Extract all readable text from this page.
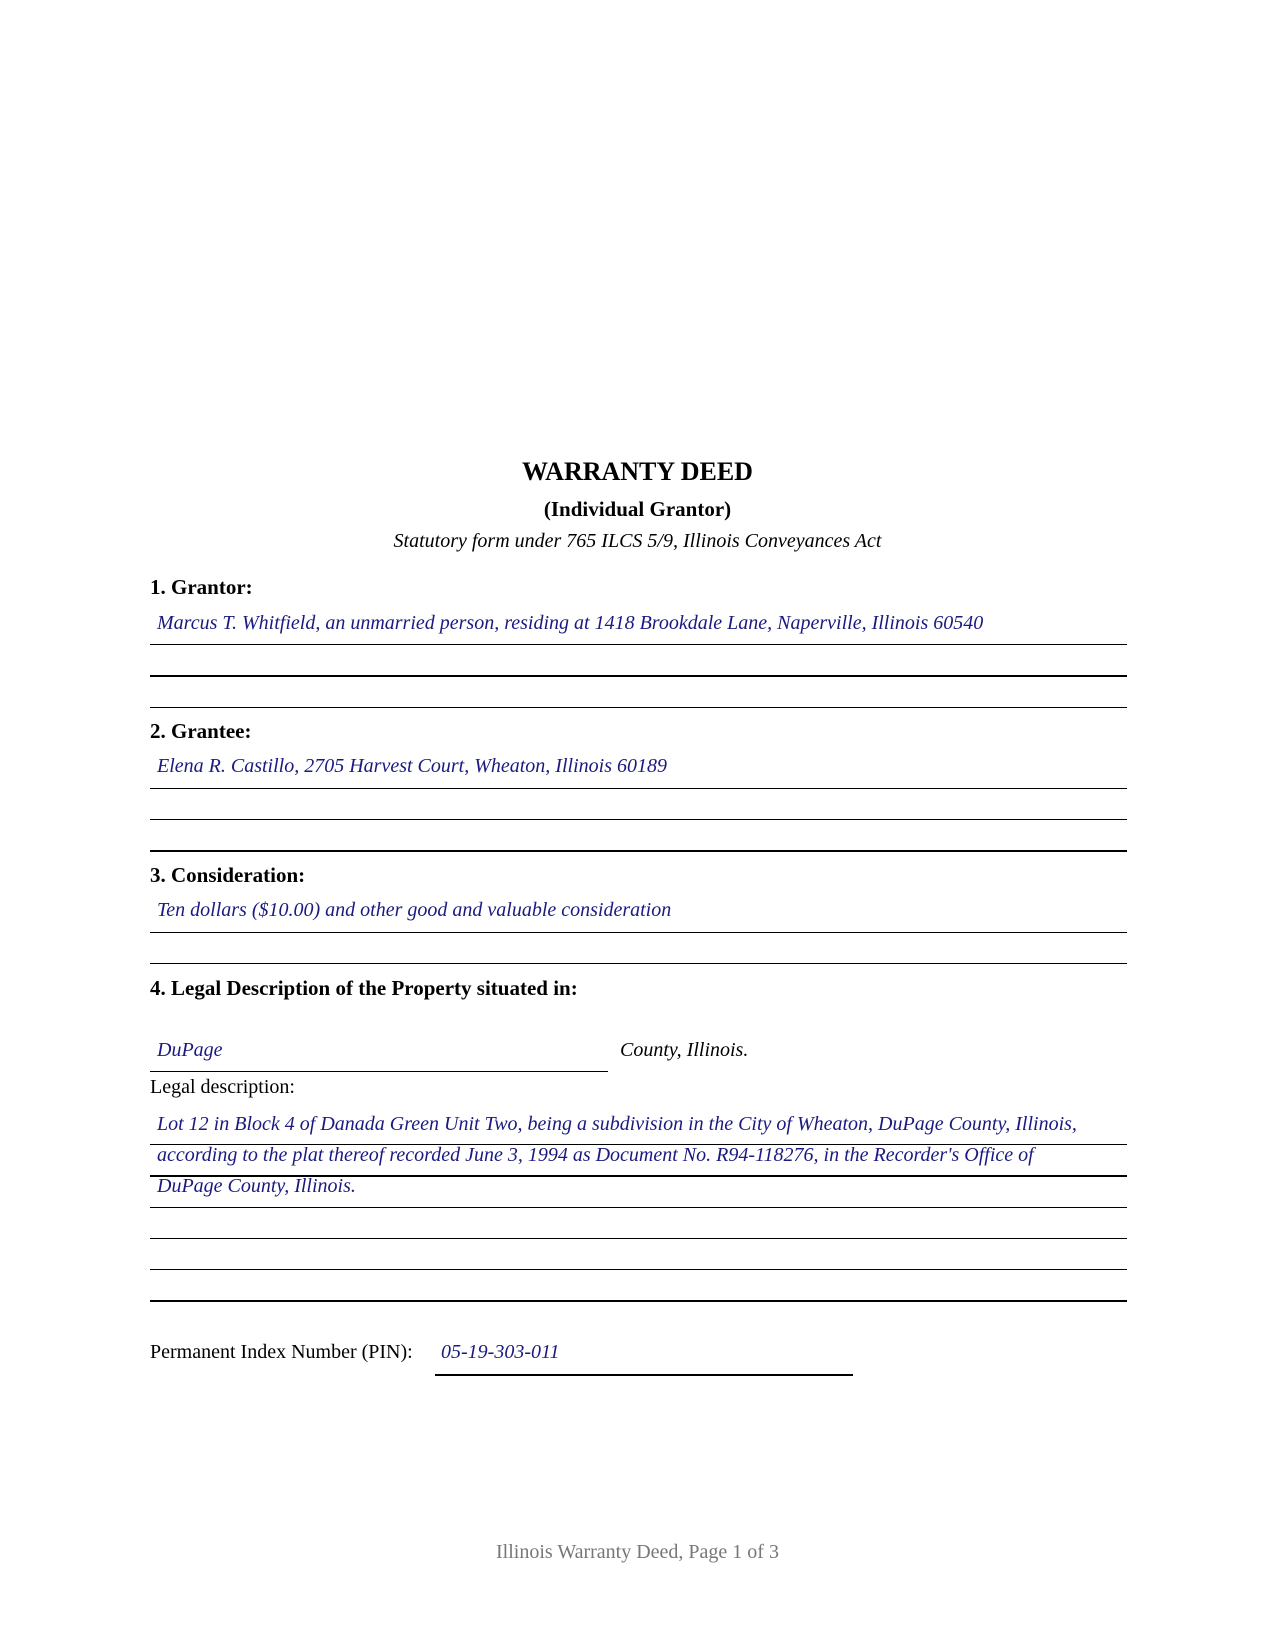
WARRANTY DEED
(Individual Grantor)
Statutory form under 765 ILCS 5/9, Illinois Conveyances Act
1. Grantor:
Marcus T. Whitfield, an unmarried person, residing at 1418 Brookdale Lane, Naperville, Illinois 60540
2. Grantee:
Elena R. Castillo, 2705 Harvest Court, Wheaton, Illinois 60189
3. Consideration:
Ten dollars ($10.00) and other good and valuable consideration
4. Legal Description of the Property situated in:
DuPage	County, Illinois.
Legal description:
Lot 12 in Block 4 of Danada Green Unit Two, being a subdivision in the City of Wheaton, DuPage County, Illinois,
according to the plat thereof recorded June 3, 1994 as Document No. R94-118276, in the Recorder's Office of
DuPage County, Illinois.
Permanent Index Number (PIN): 05-19-303-011
Illinois Warranty Deed, Page 1 of 3
